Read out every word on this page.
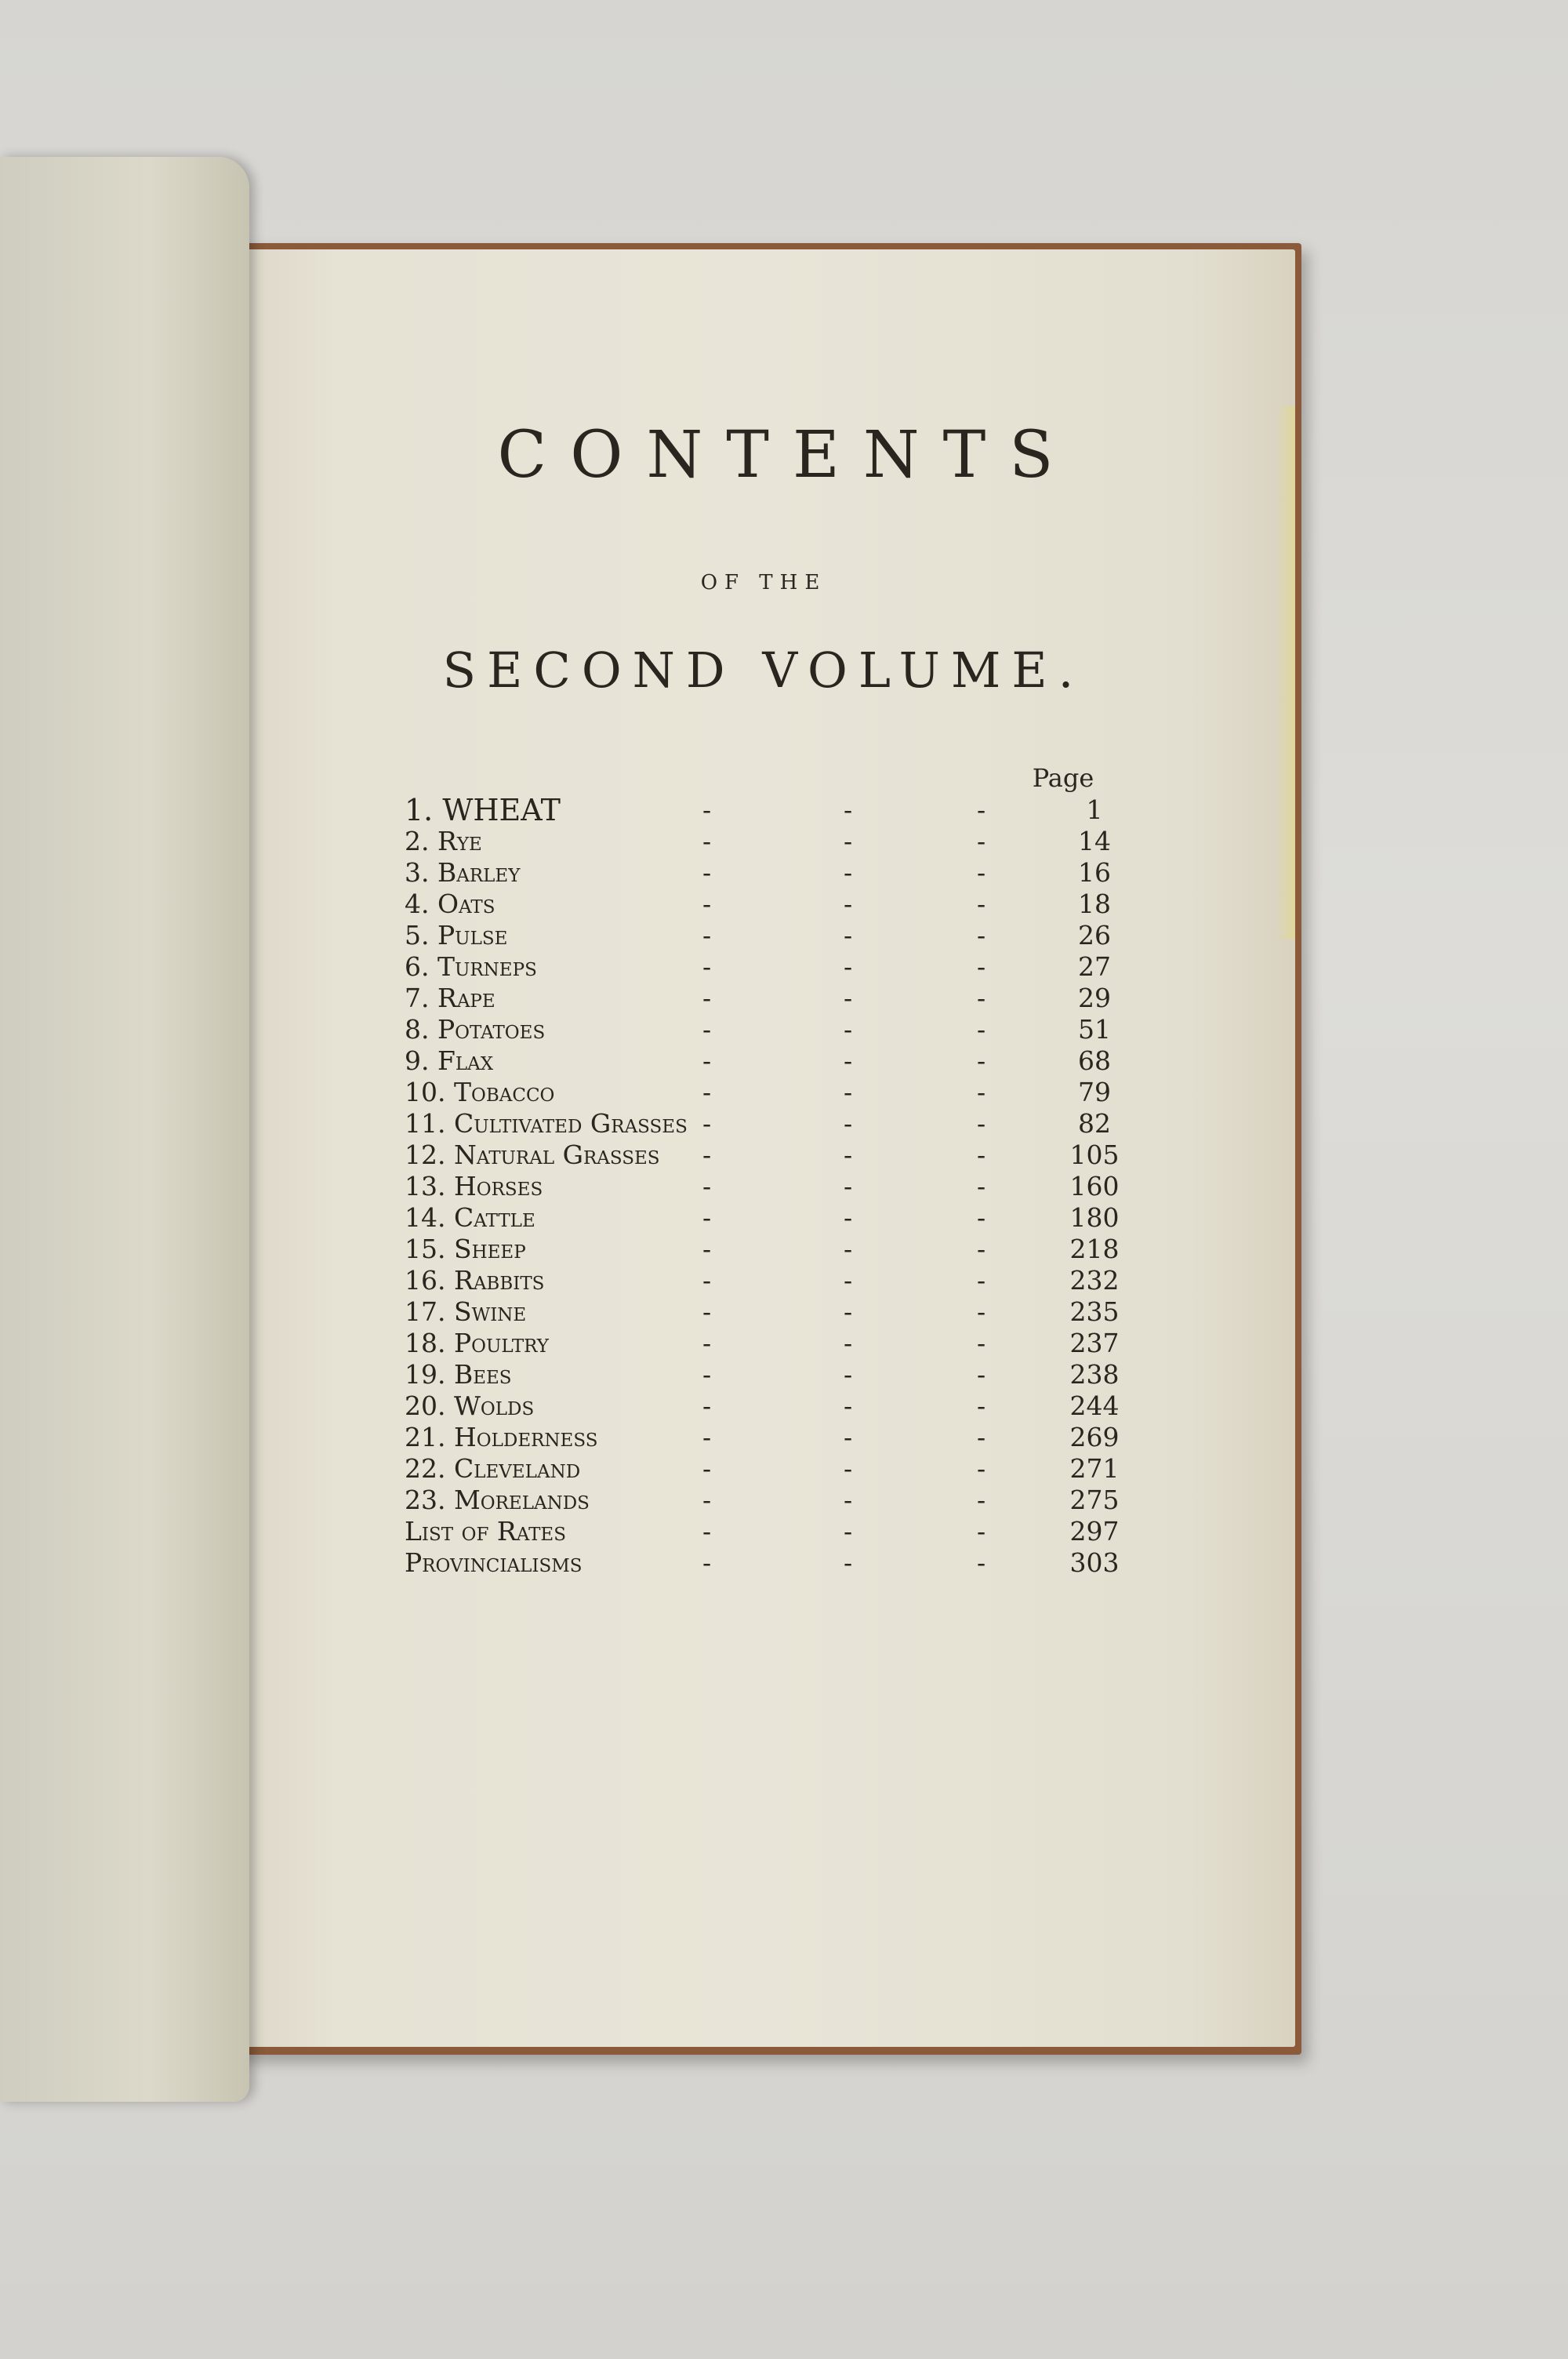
CONTENTS
OF THE
SECOND VOLUME.
Page
1. WHEAT	-	-	-	1
2. Rye	-	-	-	14
3. Barley	-	-	-	16
4. Oats	-	-	-	18
5. Pulse	-	-	-	26
6. Turneps	-	-	-	27
7. Rape	-	-	-	29
8. Potatoes	-	-	-	51
9. Flax	-	-	-	68
10. Tobacco	-	-	-	79
11. Cultivated Grasses -	-	-	82
12. Natural Grasses -	-	-	105
13. Horses	-	-	-	160
14. Cattle	-	-	-	180
15. Sheep	-	-	-	218
16. Rabbits	-	-	-	232
17. Swine	-	-	-	235
18. Poultry	-	-	-	237
19. Bees	-	-	-	238
20. Wolds	-	-	-	244
21. Holderness	-	-	-	269
22. Cleveland	-	-	-	271
23. Morelands	-	-	-	275
List of Rates	-	-	-	297
Provincialisms	-	-	-	303
